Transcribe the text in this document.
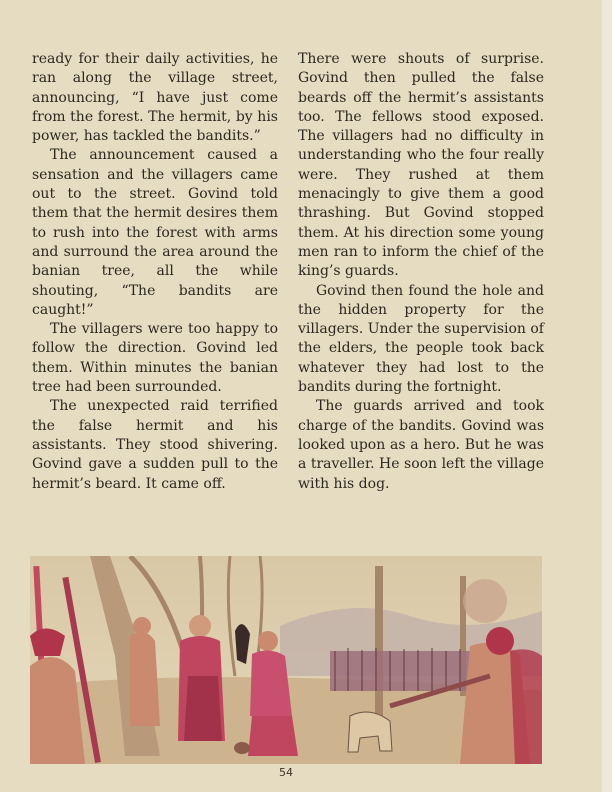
ready for their daily activities, he ran along the village street, announcing, “I have just come from the forest. The hermit, by his power, has tackled the bandits.”

The announcement caused a sensation and the villagers came out to the street. Govind told them that the hermit desires them to rush into the forest with arms and surround the area around the banian tree, all the while shouting, “The bandits are caught!”

The villagers were too happy to follow the direction. Govind led them. Within minutes the banian tree had been surrounded.

The unexpected raid terrified the false hermit and his assistants. They stood shivering. Govind gave a sudden pull to the hermit’s beard. It came off.

There were shouts of surprise. Govind then pulled the false beards off the hermit’s assistants too. The fellows stood exposed. The villagers had no difficulty in understanding who the four really were. They rushed at them menacingly to give them a good thrashing. But Govind stopped them. At his direction some young men ran to inform the chief of the king’s guards.

Govind then found the hole and the hidden property for the villagers. Under the supervision of the elders, the people took back whatever they had lost to the bandits during the fortnight.

The guards arrived and took charge of the bandits. Govind was looked upon as a hero. But he was a traveller. He soon left the village with his dog.

54
